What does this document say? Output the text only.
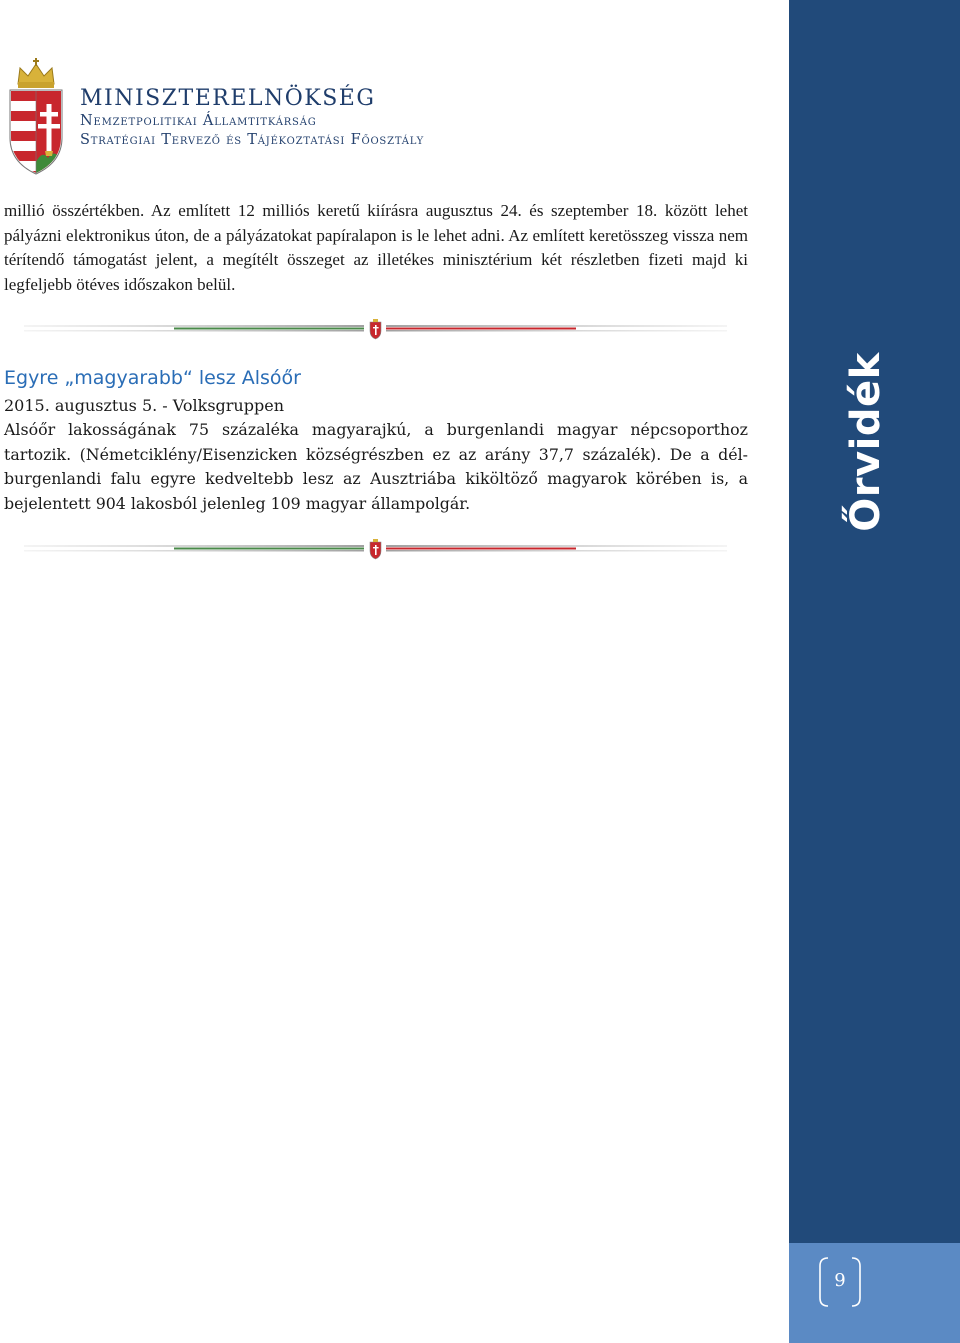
MINISZTERELNÖKSÉG
Nemzetpolitikai Államtitkárság
Stratégiai Tervező és Tájékoztatási Főosztály

millió összértékben. Az említett 12 milliós keretű kiírásra augusztus 24. és szeptember 18. között lehet pályázni elektronikus úton, de a pályázatokat papíralapon is le lehet adni. Az említett keretösszeg vissza nem térítendő támogatást jelent, a megítélt összeget az illetékes minisztérium két részletben fizeti majd ki legfeljebb ötéves időszakon belül.

Egyre „magyarabb“ lesz Alsóőr
2015. augusztus 5. - Volksgruppen

Alsóőr lakosságának 75 százaléka magyarajkú, a burgenlandi magyar népcsoporthoz tartozik. (Németciklény/Eisenzicken községrészben ez az arány 37,7 százalék). De a dél-burgenlandi falu egyre kedveltebb lesz az Ausztriába kiköltöző magyarok körében is, a bejelentett 904 lakosból jelenleg 109 magyar állampolgár.	Őrvidék
9
